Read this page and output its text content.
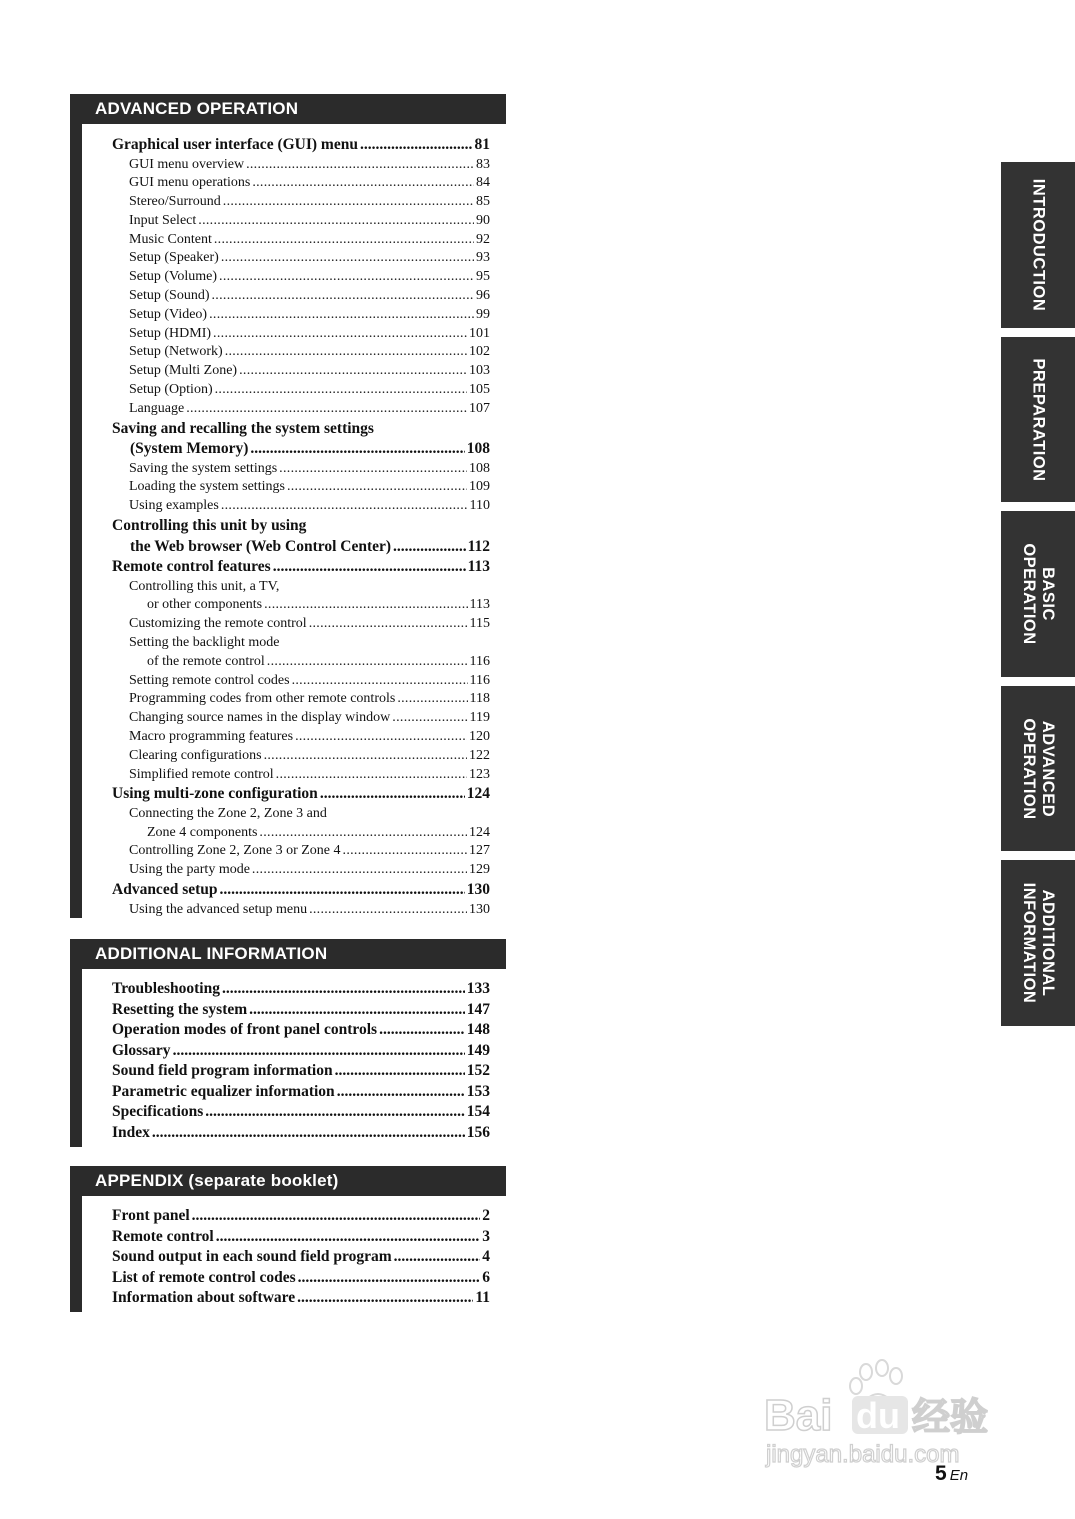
ADVANCED OPERATION
Graphical user interface (GUI) menu .....	81
GUI menu overview .....	83
GUI menu operations .....	84
Stereo/Surround .....	85
Input Select .....	90
Music Content .....	92
Setup (Speaker) .....	93
Setup (Volume) .....	95
Setup (Sound) .....	96
Setup (Video) .....	99
Setup (HDMI) .....	101
Setup (Network) .....	102
Setup (Multi Zone) .....	103
Setup (Option) .....	105
Language .....	107
Saving and recalling the system settings
(System Memory) .....	108
Saving the system settings .....	108
Loading the system settings .....	109
Using examples .....	110
Controlling this unit by using
the Web browser (Web Control Center) .....	112
Remote control features .....	113
Controlling this unit, a TV,
or other components .....	113
Customizing the remote control .....	115
Setting the backlight mode
of the remote control .....	116
Setting remote control codes .....	116
Programming codes from other remote controls .....	118
Changing source names in the display window .....	119
Macro programming features .....	120
Clearing configurations .....	122
Simplified remote control .....	123
Using multi-zone configuration .....	124
Connecting the Zone 2, Zone 3 and
Zone 4 components .....	124
Controlling Zone 2, Zone 3 or Zone 4 .....	127
Using the party mode .....	129
Advanced setup .....	130
Using the advanced setup menu .....	130
ADDITIONAL INFORMATION
Troubleshooting .....	133
Resetting the system .....	147
Operation modes of front panel controls .....	148
Glossary .....	149
Sound field program information .....	152
Parametric equalizer information .....	153
Specifications .....	154
Index .....	156
APPENDIX (separate booklet)
Front panel .....	2
Remote control .....	3
Sound output in each sound field program .....	4
List of remote control codes .....	6
Information about software .....	11
INTRODUCTION
PREPARATION
BASIC
OPERATION
ADVANCED
OPERATION
ADDITIONAL
INFORMATION
Bai du 经验
jingyan.baidu.com
5 En
